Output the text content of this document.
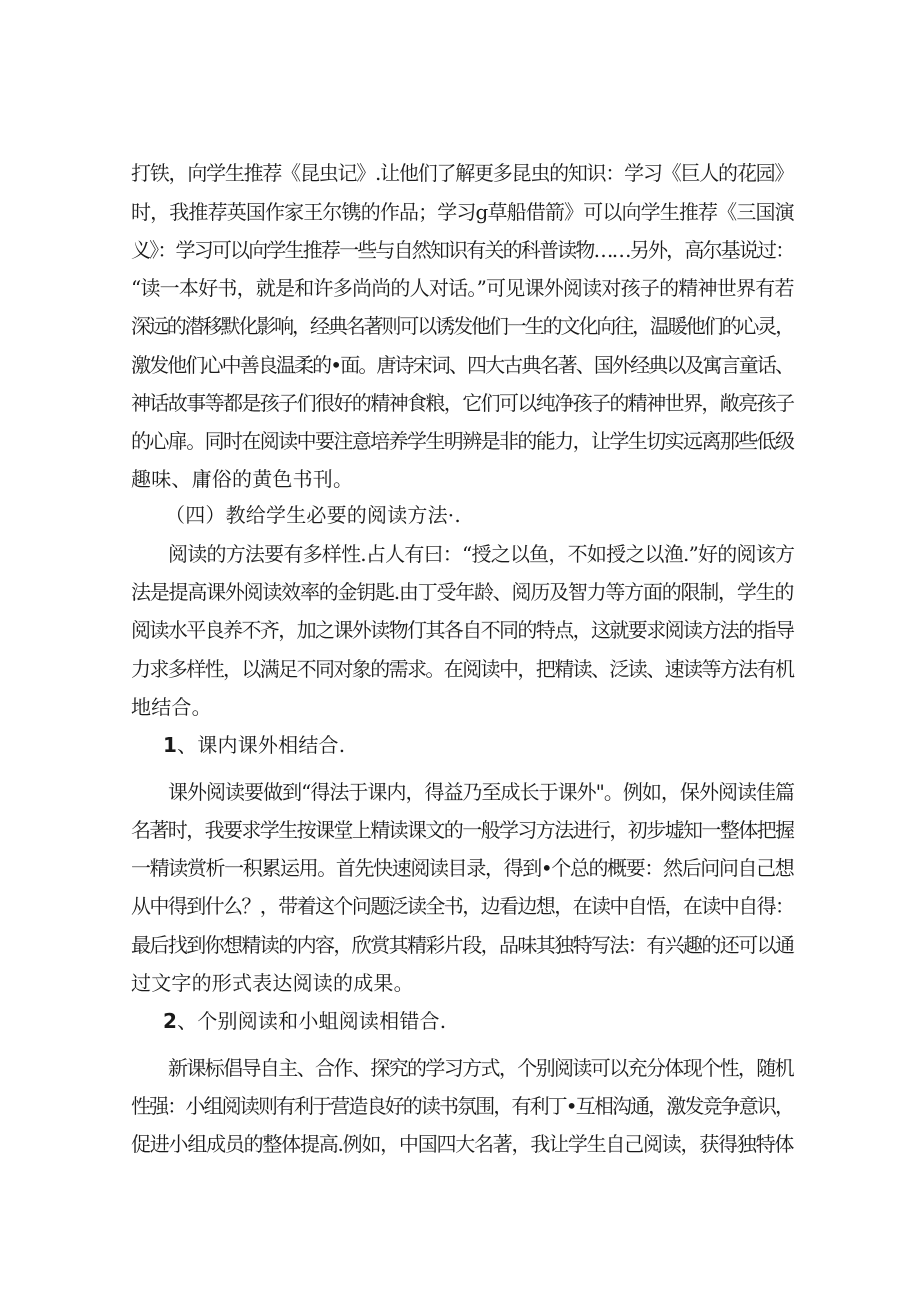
打铁，向学生推荐《昆虫记》.让他们了解更多昆虫的知识：学习《巨人的花园》
时，我推荐英国作家王尔镌的作品；学习g草船借箭》可以向学生推荐《三国演
义》：学习可以向学生推荐一些与自然知识有关的科普读物……另外，高尔基说过：
“读一本好书，就是和许多尚尚的人对话。”可见课外阅读对孩子的精神世界有若
深远的潜移默化影响，经典名著则可以诱发他们一生的文化向往，温暖他们的心灵，
激发他们心中善良温柔的•面。唐诗宋词、四大古典名著、国外经典以及寓言童话、
神话故事等都是孩子们很好的精神食粮，它们可以纯净孩子的精神世界，敞亮孩子
的心扉。同时在阅读中要注意培养学生明辨是非的能力，让学生切实远离那些低级
趣味、庸俗的黄色书刊。
（四）教给学生必要的阅读方法·.
阅读的方法要有多样性.占人有曰：“授之以鱼，不如授之以渔.”好的阅该方
法是提高课外阅读效率的金钥匙.由丁受年龄、阅历及智力等方面的限制，学生的
阅读水平良养不齐，加之课外读物仃其各自不同的特点，这就要求阅读方法的指导
力求多样性，以满足不同对象的需求。在阅读中，把精读、泛读、速读等方法有机
地结合。
1、课内课外相结合.
课外阅读要做到“得法于课内，得益乃至成长于课外"。例如，保外阅读佳篇
名著时，我要求学生按课堂上精读课文的一般学习方法进行，初步墟知一整体把握
一精读赏析一积累运用。首先快速阅读目录，得到•个总的概要：然后问问自己想
从中得到什么？，带着这个问题泛读全书，边看边想，在读中自悟，在读中自得：
最后找到你想精读的内容，欣赏其精彩片段，品味其独特写法：有兴趣的还可以通
过文字的形式表达阅读的成果。
2、个别阅读和小蛆阅读相错合.
新课标倡导自主、合作、探究的学习方式，个别阅读可以充分体现个性，随机
性强：小组阅读则有利于营造良好的读书氛围，有利丁•互相沟通，激发竞争意识，
促进小组成员的整体提高.例如，中国四大名著，我让学生自己阅读，获得独特体
